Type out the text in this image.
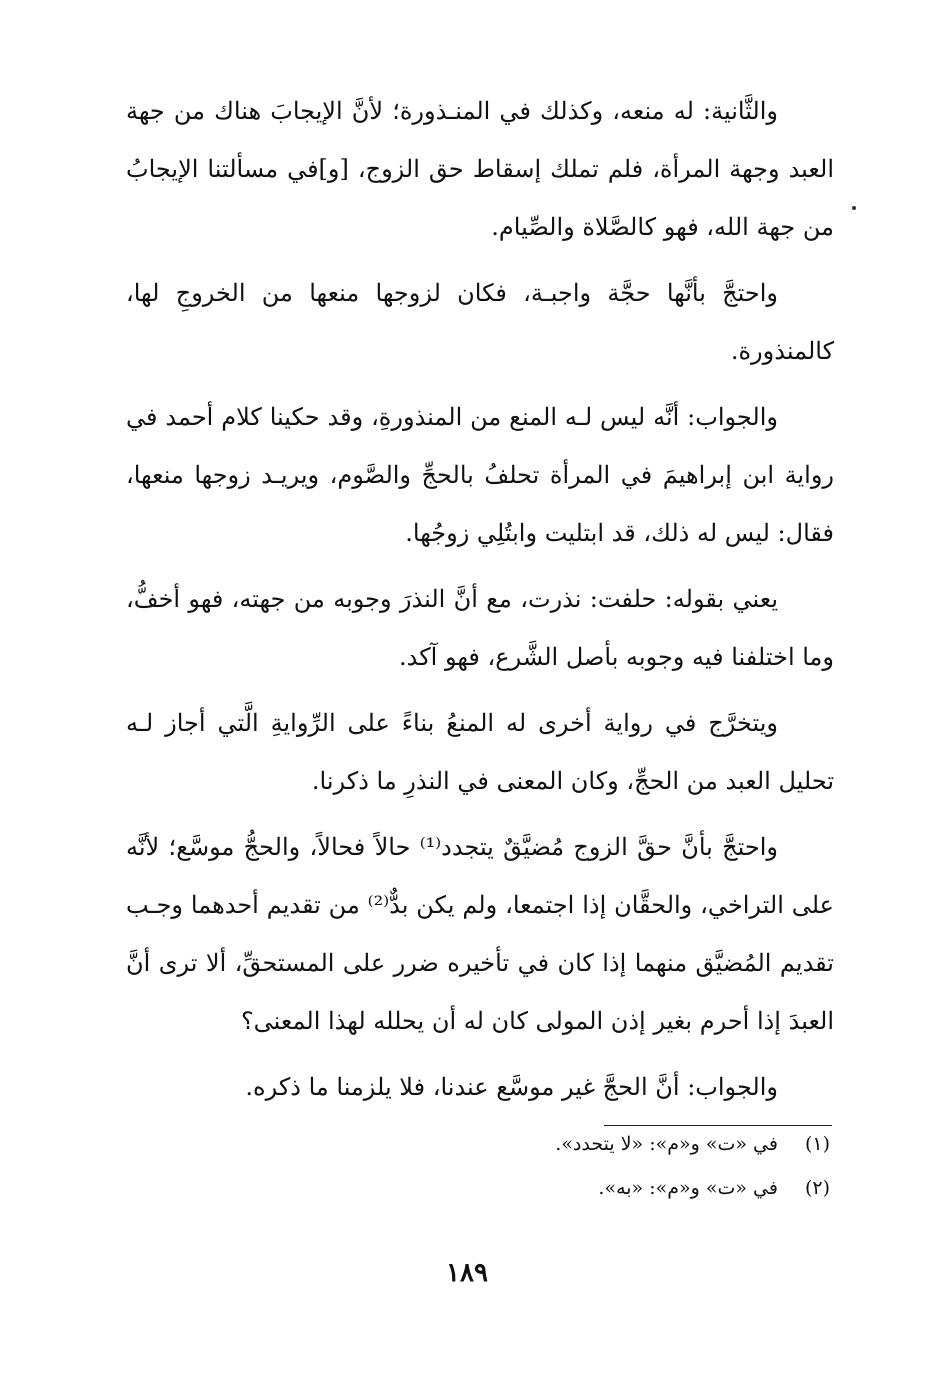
والثَّانية: له منعه، وكذلك في المنـذورة؛ لأنَّ الإيجابَ هناك من جهة العبد وجهة المرأة، فلم تملك إسقاط حق الزوج، [و]في مسألتنا الإيجابُ من جهة الله، فهو كالصَّلاة والصِّيام.

واحتجَّ بأنَّها حجَّة واجبـة، فكان لزوجها منعها من الخروجِ لها، كالمنذورة.

والجواب: أنَّه ليس لـه المنع من المنذورةِ، وقد حكينا كلام أحمد في رواية ابن إبراهيمَ في المرأة تحلفُ بالحجِّ والصَّوم، ويريـد زوجها منعها، فقال: ليس له ذلك، قد ابتليت وابتُلِي زوجُها.

يعني بقوله: حلفت: نذرت، مع أنَّ النذرَ وجوبه من جهته، فهو أخفُّ، وما اختلفنا فيه وجوبه بأصل الشَّرع، فهو آكد.

ويتخرَّج في رواية أخرى له المنعُ بناءً على الرِّوايةِ الَّتي أجاز لـه تحليل العبد من الحجِّ، وكان المعنى في النذرِ ما ذكرنا.

واحتجَّ بأنَّ حقَّ الزوج مُضيَّقٌ يتجدد⁽¹⁾ حالاً فحالاً، والحجُّ موسَّع؛ لأنَّه على التراخي، والحقَّان إذا اجتمعا، ولم يكن بدٌّ⁽²⁾ من تقديم أحدهما وجـب تقديم المُضيَّق منهما إذا كان في تأخيره ضرر على المستحقِّ، ألا ترى أنَّ العبدَ إذا أحرم بغير إذن المولى كان له أن يحلله لهذا المعنى؟

والجواب: أنَّ الحجَّ غير موسَّع عندنا، فلا يلزمنا ما ذكره.

(١) في «ت» و«م»: «لا يتحدد».
(٢) في «ت» و«م»: «به».
١٨٩
